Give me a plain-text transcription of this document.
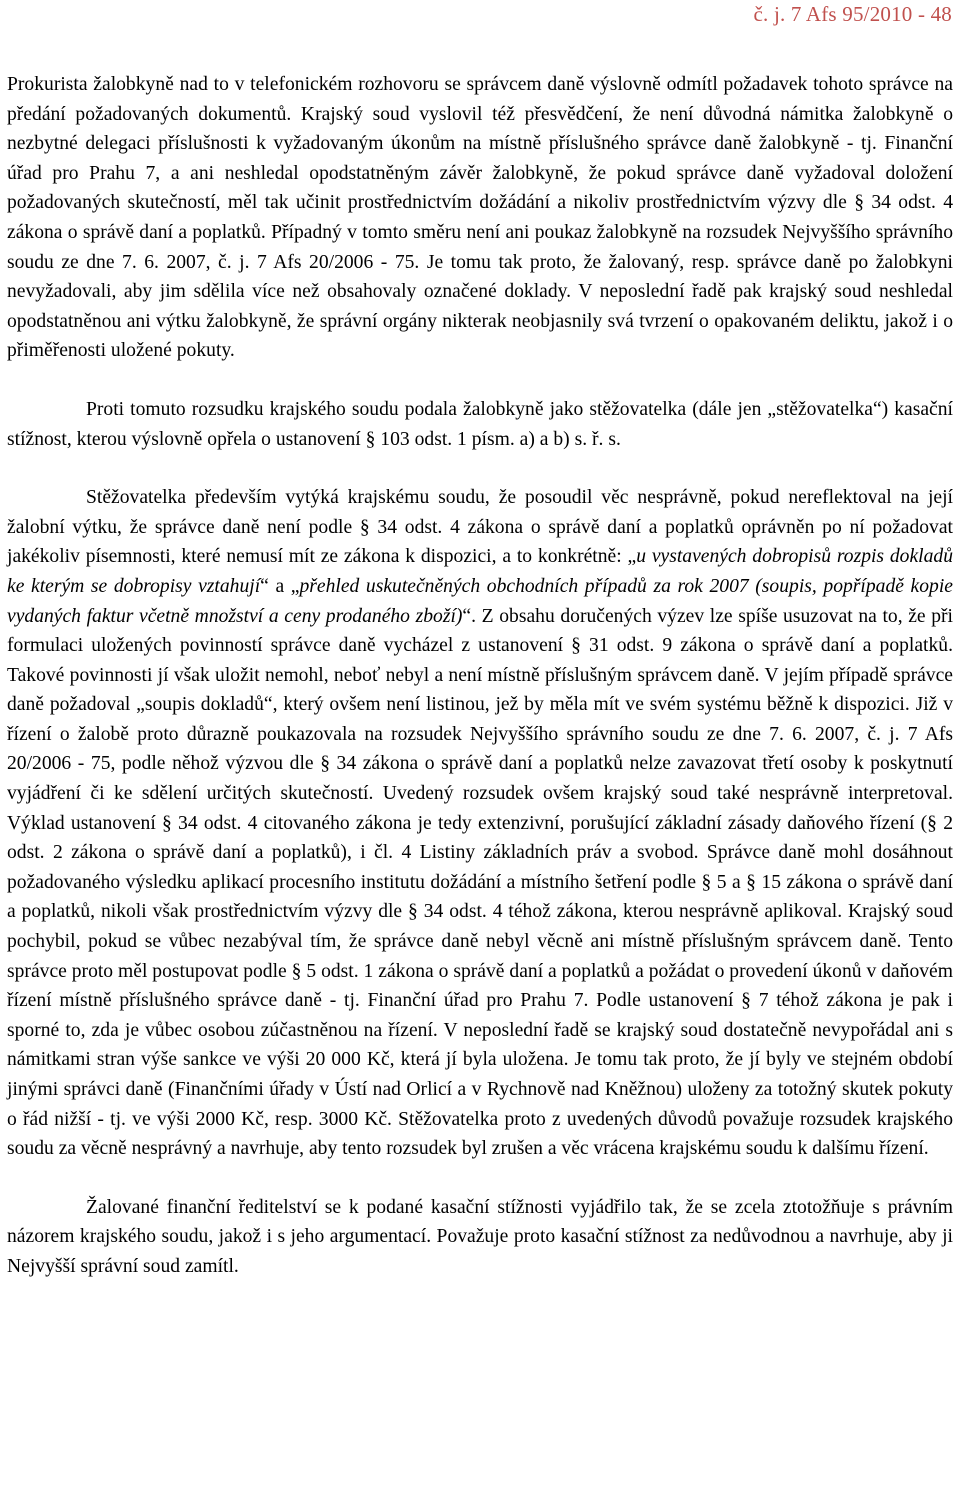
č. j. 7 Afs 95/2010 - 48

Prokurista žalobkyně nad to v telefonickém rozhovoru se správcem daně výslovně odmítl požadavek tohoto správce na předání požadovaných dokumentů. Krajský soud vyslovil též přesvědčení, že není důvodná námitka žalobkyně o nezbytné delegaci příslušnosti k vyžadovaným úkonům na místně příslušného správce daně žalobkyně - tj. Finanční úřad pro Prahu 7, a ani neshledal opodstatněným závěr žalobkyně, že pokud správce daně vyžadoval doložení požadovaných skutečností, měl tak učinit prostřednictvím dožádání a nikoliv prostřednictvím výzvy dle § 34 odst. 4 zákona o správě daní a poplatků. Případný v tomto směru není ani poukaz žalobkyně na rozsudek Nejvyššího správního soudu ze dne 7. 6. 2007, č. j. 7 Afs 20/2006 - 75. Je tomu tak proto, že žalovaný, resp. správce daně po žalobkyni nevyžadovali, aby jim sdělila více než obsahovaly označené doklady. V neposlední řadě pak krajský soud neshledal opodstatněnou ani výtku žalobkyně, že správní orgány nikterak neobjasnily svá tvrzení o opakovaném deliktu, jakož i o přiměřenosti uložené pokuty.

Proti tomuto rozsudku krajského soudu podala žalobkyně jako stěžovatelka (dále jen „stěžovatelka“) kasační stížnost, kterou výslovně opřela o ustanovení § 103 odst. 1 písm. a) a b) s. ř. s.

Stěžovatelka především vytýká krajskému soudu, že posoudil věc nesprávně, pokud nereflektoval na její žalobní výtku, že správce daně není podle § 34 odst. 4 zákona o správě daní a poplatků oprávněn po ní požadovat jakékoliv písemnosti, které nemusí mít ze zákona k dispozici, a to konkrétně: „u vystavených dobropisů rozpis dokladů ke kterým se dobropisy vztahují“ a „přehled uskutečněných obchodních případů za rok 2007 (soupis, popřípadě kopie vydaných faktur včetně množství a ceny prodaného zboží)“. Z obsahu doručených výzev lze spíše usuzovat na to, že při formulaci uložených povinností správce daně vycházel z ustanovení § 31 odst. 9 zákona o správě daní a poplatků. Takové povinnosti jí však uložit nemohl, neboť nebyl a není místně příslušným správcem daně. V jejím případě správce daně požadoval „soupis dokladů“, který ovšem není listinou, jež by měla mít ve svém systému běžně k dispozici. Již v řízení o žalobě proto důrazně poukazovala na rozsudek Nejvyššího správního soudu ze dne 7. 6. 2007, č. j. 7 Afs 20/2006 - 75, podle něhož výzvou dle § 34 zákona o správě daní a poplatků nelze zavazovat třetí osoby k poskytnutí vyjádření či ke sdělení určitých skutečností. Uvedený rozsudek ovšem krajský soud také nesprávně interpretoval. Výklad ustanovení § 34 odst. 4 citovaného zákona je tedy extenzivní, porušující základní zásady daňového řízení (§ 2 odst. 2 zákona o správě daní a poplatků), i čl. 4 Listiny základních práv a svobod. Správce daně mohl dosáhnout požadovaného výsledku aplikací procesního institutu dožádání a místního šetření podle § 5 a § 15 zákona o správě daní a poplatků, nikoli však prostřednictvím výzvy dle § 34 odst. 4 téhož zákona, kterou nesprávně aplikoval. Krajský soud pochybil, pokud se vůbec nezabýval tím, že správce daně nebyl věcně ani místně příslušným správcem daně. Tento správce proto měl postupovat podle § 5 odst. 1 zákona o správě daní a poplatků a požádat o provedení úkonů v daňovém řízení místně příslušného správce daně - tj. Finanční úřad pro Prahu 7. Podle ustanovení § 7 téhož zákona je pak i sporné to, zda je vůbec osobou zúčastněnou na řízení. V neposlední řadě se krajský soud dostatečně nevypořádal ani s námitkami stran výše sankce ve výši 20 000 Kč, která jí byla uložena. Je tomu tak proto, že jí byly ve stejném období jinými správci daně (Finančními úřady v Ústí nad Orlicí a v Rychnově nad Kněžnou) uloženy za totožný skutek pokuty o řád nižší - tj. ve výši 2000 Kč, resp. 3000 Kč. Stěžovatelka proto z uvedených důvodů považuje rozsudek krajského soudu za věcně nesprávný a navrhuje, aby tento rozsudek byl zrušen a věc vrácena krajskému soudu k dalšímu řízení.

Žalované finanční ředitelství se k podané kasační stížnosti vyjádřilo tak, že se zcela ztotožňuje s právním názorem krajského soudu, jakož i s jeho argumentací. Považuje proto kasační stížnost za nedůvodnou a navrhuje, aby ji Nejvyšší správní soud zamítl.
